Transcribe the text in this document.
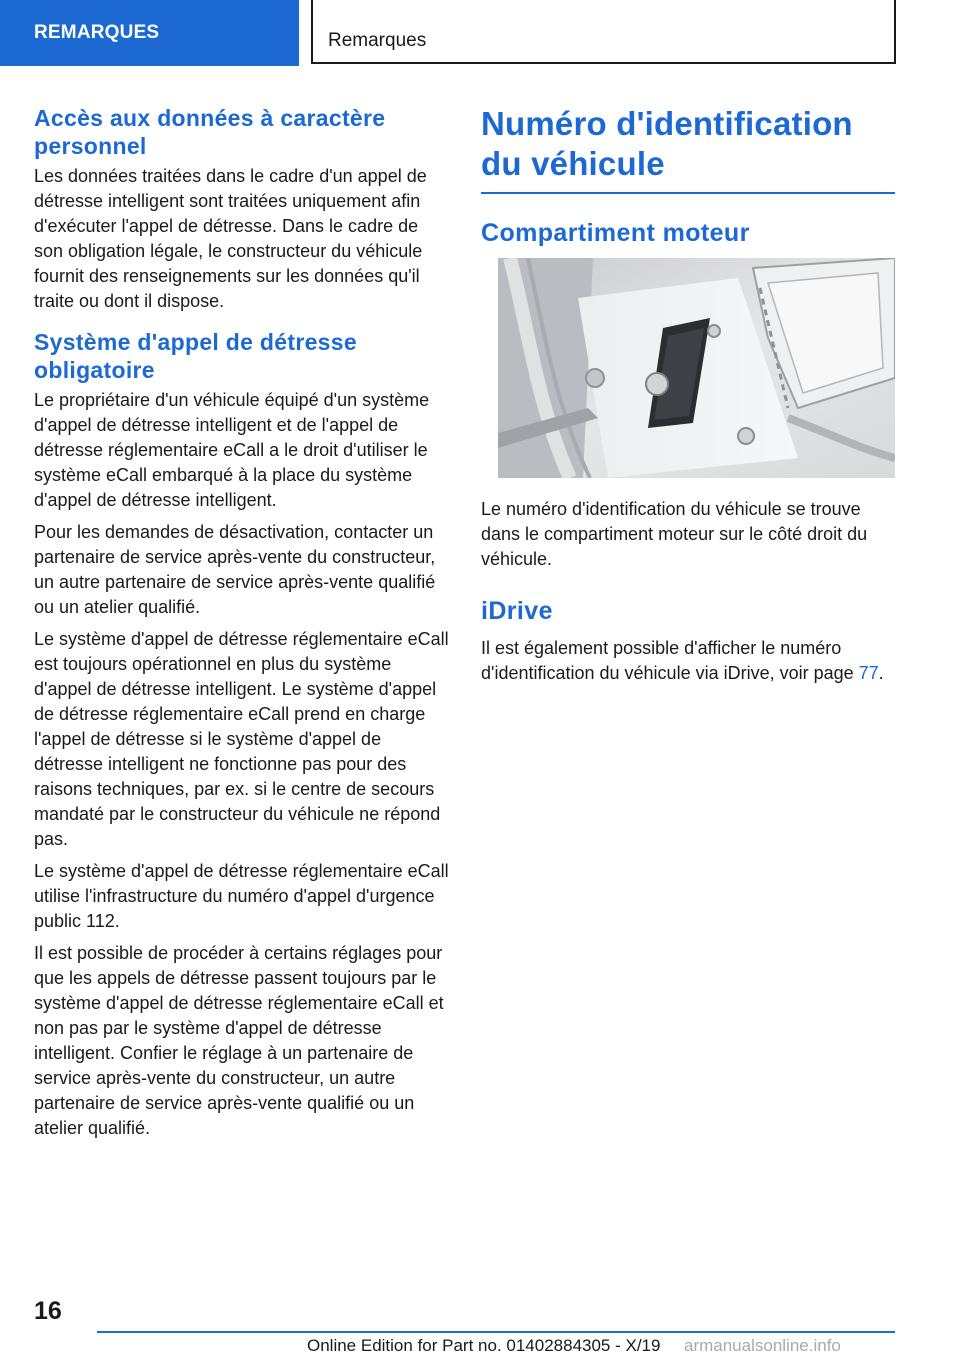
REMARQUES	Remarques
Accès aux données à caractère personnel

Les données traitées dans le cadre d'un appel de détresse intelligent sont traitées uniquement afin d'exécuter l'appel de détresse. Dans le cadre de son obligation légale, le constructeur du véhicule fournit des renseignements sur les données qu'il traite ou dont il dispose.

Système d'appel de détresse obligatoire

Le propriétaire d'un véhicule équipé d'un système d'appel de détresse intelligent et de l'appel de détresse réglementaire eCall a le droit d'utiliser le système eCall embarqué à la place du système d'appel de détresse intelligent.

Pour les demandes de désactivation, contacter un partenaire de service après-vente du constructeur, un autre partenaire de service après-vente qualifié ou un atelier qualifié.

Le système d'appel de détresse réglementaire eCall est toujours opérationnel en plus du système d'appel de détresse intelligent. Le système d'appel de détresse réglementaire eCall prend en charge l'appel de détresse si le système d'appel de détresse intelligent ne fonctionne pas pour des raisons techniques, par ex. si le centre de secours mandaté par le constructeur du véhicule ne répond pas.

Le système d'appel de détresse réglementaire eCall utilise l'infrastructure du numéro d'appel d'urgence public 112.

Il est possible de procéder à certains réglages pour que les appels de détresse passent toujours par le système d'appel de détresse réglementaire eCall et non pas par le système d'appel de détresse intelligent. Confier le réglage à un partenaire de service après-vente du constructeur, un autre partenaire de service après-vente qualifié ou un atelier qualifié.

Numéro d'identification du véhicule
Compartiment moteur

Le numéro d'identification du véhicule se trouve dans le compartiment moteur sur le côté droit du véhicule.

iDrive

Il est également possible d'afficher le numéro d'identification du véhicule via iDrive, voir page 77.

16
Online Edition for Part no. 01402884305 - X/19 armanualsonline.info
